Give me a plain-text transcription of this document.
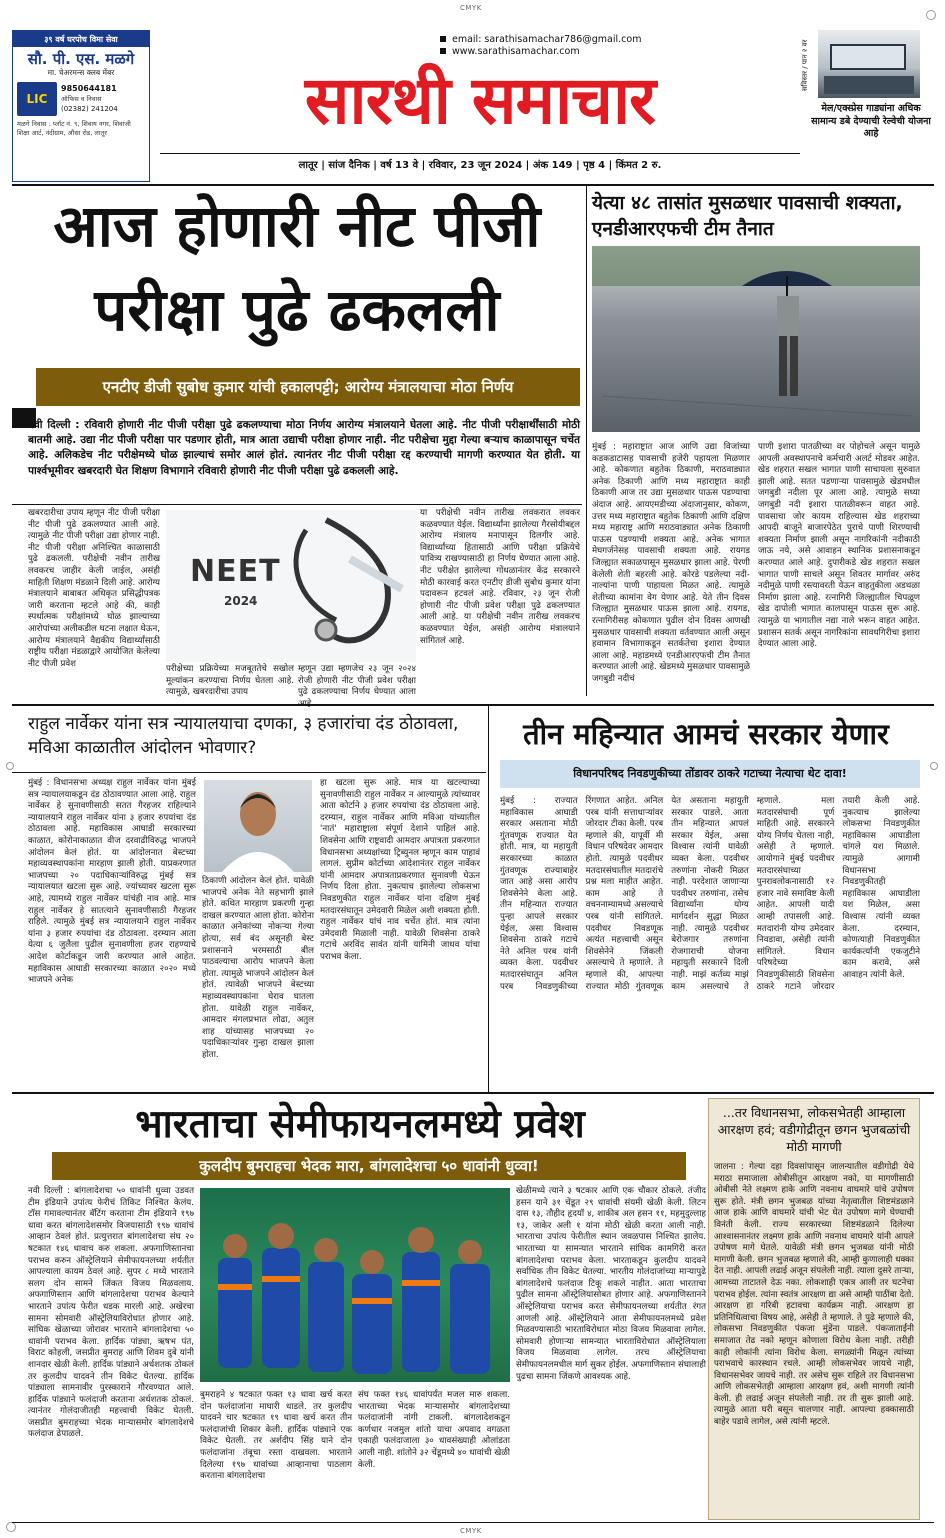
CMYK
CMYK
३९ वर्ष घरपोच विमा सेवा
सौ. पी. एस. मळगे
मा. चेअरमन्स क्लब मेंबर
LIC
9850644181
ऑफिस व निवास
(02382) 241204
मळगे निवास : प्लॉट नं. ९, शिवाय नगर, शिवाजी शिक्षा आर्ट, नंदीग्राम, औसा रोड, लातूर
email: sarathisamachar786@gmail.com
www.sarathisamachar.com
सारथी समाचार
लातूर | सांज दैनिक | वर्ष 13 वे | रविवार, 23 जून 2024 | अंक 149 | पृष्ठ 4 | किंमत 2 रु.
सविस्तर / पान २ वर
मेल/एक्स्प्रेस गाड्यांना अधिक सामान्य डबे देण्याची रेल्वेची योजना आहे
आज होणारी नीट पीजी
परीक्षा पुढे ढकलली
एनटीए डीजी सुबोध कुमार यांची हकालपट्टी; आरोग्य मंत्रालयाचा मोठा निर्णय
नवी दिल्ली : रविवारी होणारी नीट पीजी परीक्षा पुढे ढकलण्याचा मोठा निर्णय आरोग्य मंत्रालयाने घेतला आहे. नीट पीजी परीक्षार्थींसाठी मोठी बातमी आहे. उद्या नीट पीजी परीक्षा पार पडणार होती, मात्र आता उद्याची परीक्षा होणार नाही. नीट परीक्षेचा मुद्दा गेल्या बऱ्याच काळापासून चर्चेत आहे. अलिकडेच नीट परीक्षेमध्ये घोळ झाल्याचं समोर आलं होतं. त्यानंतर नीट पीजी परीक्षा रद्द करण्याची मागणी करण्यात येत होती. या पार्श्वभूमीवर खबरदारी घेत शिक्षण विभागाने रविवारी होणारी नीट पीजी परीक्षा पुढे ढकलली आहे.
खबरदारीचा उपाय म्हणून नीट पीजी परीक्षा नीट पीजी पुढे ढकलण्यात आली आहे. त्यामुळे नीट पीजी परीक्षा उद्या होणार नाही. नीट पीजी परीक्षा अनिश्चित काळासाठी पुढे ढकलली. परीक्षेची नवीन तारीख लवकरच जाहीर केली जाईल, असंही माहिती शिक्षण मंडळाने दिली आहे. आरोग्य मंत्रालयाने बाबाबत अधिकृत प्रसिद्धीपत्रक जारी करताना म्हटले आहे की, काही स्पर्धात्मक परीक्षांमध्ये घोळ झाल्याच्या आरोपांच्या अलीकडील घटना लक्षात घेऊन, आरोग्य मंत्रालयाने वैद्यकीय विद्यार्थ्यांसाठी राष्ट्रीय परीक्षा मंडळाद्वारे आयोजित केलेल्या नीट पीजी प्रवेश
NEET
2024
परीक्षेच्या प्रक्रियेच्या मजबूततेचे सखोल मूल्यांकन करण्याचा निर्णय घेतला आहे. त्यामुळे, खबरदारीचा उपाय
म्हणून उद्या म्हणजेच २३ जून २०२४ रोजी होणारी नीट पीजी प्रवेश परीक्षा पुढे ढकलण्याचा निर्णय घेण्यात आला
या परीक्षेची नवीन तारीख लवकरात लवकर कळवण्यात येईल. विद्यार्थ्यांना झालेल्या गैरसोयीबद्दल आरोग्य मंत्रालय मनापासून दिलगीर आहे. विद्यार्थ्यांच्या हितासाठी आणि परीक्षा प्रक्रियेचे पावित्र्य राखण्यासाठी हा निर्णय घेण्यात आला आहे. नीट परीक्षेत झालेल्या गोंधळानंतर केंद्र सरकारने मोठी कारवाई करत एनटीए डीजी सुबोध कुमार यांना पदावरून हटवलं आहे. रविवार, २३ जून रोजी होणारी नीट पीजी प्रवेश परीक्षा पुढे ढकलण्यात आली आहे. या परीक्षेची नवीन तारीख लवकरच कळवण्यात येईल, असंही आरोग्य मंत्रालयाने सांगितलं आहे.
येत्या ४८ तासांत मुसळधार पावसाची शक्यता, एनडीआरएफची टीम तैनात
मुंबई : महाराष्ट्रात आज आणि उद्या विजांच्या कडकडाटासह पावसाची हजेरी पहायला मिळणार आहे. कोकणात बहुतेक ठिकाणी, मराठवाड्यात अनेक ठिकाणी आणि मध्य महाराष्ट्रात काही ठिकाणी आज तर उद्या मुसळधार पाऊस पडण्याचा अंदाज आहे. आयएमडीच्या अंदाजानुसार, कोकण, उत्तर मध्य महाराष्ट्रात बहुतेक ठिकाणी आणि दक्षिण मध्य महाराष्ट्र आणि मराठवाड्यात अनेक ठिकाणी पाऊस पडण्याची शक्यता आहे. अनेक भागात मेघगर्जनेसह पावसाची शक्यता आहे. रायगड जिल्ह्यात सकाळपासून मुसळधार झाला आहे. पेरणी केलेली शेती बहरली आहे. कोरडे पडलेल्या नदी-नाल्यांना पाणी पाहायला मिळत आहे. त्यामुळे शेतीच्या कामांना वेग येणार आहे. येते तीन दिवस जिल्ह्यात मुसळधार पाऊस झाला आहे. रायगड, रत्नागिरीसह कोकणात पुढील दोन दिवस आणखी मुसळधार पावसाची शक्यता वर्तवण्यात आली असून हवामान विभागाकडून सतर्कतेचा इशारा देण्यात आला आहे. महाडमध्ये एनडीआरएफची टीम तैनात करण्यात आली आहे. खेडमध्ये मुसळधार पावसामुळे जगबुडी नदीचं
पाणी इशारा पातळीच्या वर पोहोचले असून यामुळे आपली अवस्थापनाचे कर्मचारी अलर्ट मोडवर आहेत. खेड शहरात सखल भागात पाणी साचायला सुरुवात झाली आहे. सतत पडणाऱ्या पावसामुळे खेडमधील जगबुडी नदीला पूर आला आहे. त्यामुळे सध्या जगबुडी नदी इशारा पातळीवरून वाहत आहे. पावसाचा जोर कायम राहिल्यास खेड शहराच्या आपदी बाजूने बाजारपेठेत पुराचे पाणी शिरण्याची शक्यता निर्माण झाली असून नागरिकांनी नदीकाठी जाऊ नये, असे आवाहन स्थानिक प्रशासनाकडून करण्यात आले आहे. दुपारीकडे खेड शहरात सखल भागात पाणी साचले असून शिवतर मार्गावर अरुंद नदीमुळे पाणी रस्त्यावरती येऊन वाहतुकीला अडथळा निर्माण झाला आहे. रत्नागिरी जिल्ह्यातील चिपळूण खेड दापोली भागात कालपासून पाऊस सुरू आहे. त्यामुळे या भागातील नद्या नाले भरून वाहत आहेत. प्रशासन सतर्क असून नागरिकांना सावधगिरीचा इशारा देण्यात आला आहे.
राहुल नार्वेकर यांना सत्र न्यायालयाचा दणका, ३ हजारांचा दंड ठोठावला, मविआ काळातील आंदोलन भोवणार?
मुंबई : विधानसभा अध्यक्ष राहुल नार्वेकर यांना मुंबई सत्र न्यायालयाकडून दंड ठोठावण्यात आला आहे. राहुल नार्वेकर हे सुनावणीसाठी सतत गैरहजर राहिल्याने न्यायालयाने राहुल नार्वेकर यांना ३ हजार रुपयांचा दंड ठोठावला आहे. महाविकास आघाडी सरकारच्या काळात, कोरोनाकाळात वीज दरवाढीविरुद्ध भाजपने आंदोलन केलं होतं. या आंदोलनात बेस्टच्या महाव्यवस्थापकांना मारहाण झाली होती. याप्रकरणात भाजपच्या २० पदाधिकाऱ्यांविरुद्ध मुंबई सत्र न्यायालयात खटला सुरू आहे. ज्यांच्यावर खटला सुरू आहे, त्यामध्ये राहुल नार्वेकर यांचंही नाव आहे. मात्र राहुल नार्वेकर हे सातत्याने सुनावणीसाठी गैरहजर राहिले. त्यामुळे मुंबई सत्र न्यायालयाने राहुल नार्वेकर यांना ३ हजार रुपयांचा दंड ठोठावला. दरम्यान आता येत्या ६ जुलैला पुढील सुनावणीला हजर राहण्याचे आदेश कोर्टाकडून जारी करण्यात आले आहेत. महाविकास आघाडी सरकारच्या काळात २०२० मध्ये भाजपने अनेक
ठिकाणी आंदोलन केलं होतं. यावेळी भाजपचे अनेक नेते सहभागी झाले होते. कथित मारहाण प्रकरणी गुन्हा दाखल करण्यात आला होता. कोरोना काळात अनेकांच्या नोकऱ्या गेल्या होत्या, सर्व बंद असूनही बेस्ट प्रशासनाने भरमसाठी बील पाठवल्याचा आरोप भाजपने केला होता. त्यामुळे भाजपने आंदोलन केलं होतं. त्यावेळी भाजपने बेस्टच्या महाव्यवस्थापकांना घेराव घातला होता. यावेळी राहुल नार्वेकर, आमदार मंगलप्रभात लोढा, अतुल शाह यांच्यासह भाजपच्या २० पदाधिकाऱ्यांवर गुन्हा दाखल झाला होता.
हा खटला सुरू आहे. मात्र या खटल्याच्या सुनावणीसाठी राहुल नार्वेकर न आल्यामुळे त्यांच्यावर आता कोर्टाने ३ हजार रुपयांचा दंड ठोठावला आहे. दरम्यान, राहुल नार्वेकर आणि मविआ यांच्यातील 'नातं' महाराष्ट्राला संपूर्ण देशाने पाहिलं आहे. शिवसेना आणि राष्ट्रवादी आमदार अपात्रता प्रकरणात विधानसभा अध्यक्षांच्या ट्रिब्युनल म्हणून काम पाहावं लागलं. सुप्रीम कोर्टाच्या आदेशानंतर राहुल नार्वेकर यांनी आमदार अपात्रताप्रकरणात सुनावणी घेऊन निर्णय दिला होता. नुकत्याच झालेल्या लोकसभा निवडणुकीत राहुल नार्वेकर यांना दक्षिण मुंबई मतदारसंघातून उमेदवारी मिळेल अशी शक्यता होती. राहुल नार्वेकर यांचं नाव चर्चेत होतं. मात्र त्यांना उमेदवारी मिळाली नाही. यावेळी शिवसेना ठाकरे गटाचे अरविंद सावंत यांनी यामिनी जाधव यांचा पराभव केला.
तीन महिन्यात आमचं सरकार येणार
विधानपरिषद निवडणुकीच्या तोंडावर ठाकरे गटाच्या नेत्याचा थेट दावा!
मुंबई : राज्यात महाविकास आघाडी सरकार असताना मोठी गुंतवणूक राज्यात येत होती. मात्र, या महायुती सरकारच्या काळात गुंतवणूक राज्याबाहेर जात आहे असा आरोप शिवसेनेने केला आहे. तीन महिन्यात राज्यात पुन्हा आपले सरकार येईल, असा विश्वास शिवसेना ठाकरे गटाचे नेते अनिल परब यांनी व्यक्त केला. पदवीधर मतदारसंघातून अनिल परब निवडणुकीच्या रिंगणात आहेत. अनिल परब यांनी सत्ताधाऱ्यांवर जोरदार टीका केली. परब म्हणाले की, यापूर्वी मी विधान परिषदेवर आमदार होतो. त्यामुळे पदवीधर मतदारसंघातील मतदारांचे प्रश्न मला माहीत आहेत. काम आहे ते वचननाम्यामध्ये असल्याचे परब यांनी सांगितले. पदवीधर निवडणूक अत्यंत महत्त्वाची असून शिवसेनेने जिंकली असल्याचे ते म्हणाले. ते म्हणाले की, आपल्या राज्यात मोठी गुंतवणूक येत असताना महायुती सरकार पाडले. आता तीन महिन्यात आपलं सरकार येईल, असा विश्वास त्यांनी यावेळी व्यक्त केला. पदवीधर तरुणांना नोकरी मिळत नाही. परदेशात जाणाऱ्या पदवीधर तरुणांना, तसेच विद्यार्थ्यांना योग्य मार्गदर्शन सुद्धा मिळत नाही. त्यामुळे पदवीधर बेरोजगार तरुणांना रोजगाराची योजना महायुती सरकारने दिली नाही. माझं कर्तव्य माझं काम असल्याचे ते म्हणाले. मला मतदारसंघाची पूर्ण माहिती आहे. सरकारने योग्य निर्णय घेतला नाही, असेही ते म्हणाले. आयोगाने मुंबई पदवीधर मतदारसंघाच्या पुनरावलोकनासाठी १२ हजार नावे समाविष्ट केली आहेत. आपली यादी आम्ही तपासली आहे. मतदारांनी योग्य उमेदवार निवडावा, असेही त्यांनी सांगितले. विधान परिषदेच्या निवडणुकीसाठी शिवसेना ठाकरे गटाने जोरदार तयारी केली आहे. नुकत्याच झालेल्या लोकसभा निवडणुकीत महाविकास आघाडीला चांगले यश मिळाले. त्यामुळे आगामी विधानसभा निवडणुकीतही महाविकास आघाडीला यश मिळेल, असा विश्वास त्यांनी व्यक्त केला. दरम्यान, कोणत्याही निवडणुकीत कार्यकर्त्यांनी एकजुटीने काम करावे, असे आवाहन त्यांनी केले.
भारताचा सेमीफायनलमध्ये प्रवेश
कुलदीप बुमराहचा भेदक मारा, बांगलादेशचा ५० धावांनी धुव्वा!
नवी दिल्ली : बांगलादेशचा ५० धावांनी धुव्वा उडवत टीम इंडियाने उपांत्य फेरीचं तिकिट निश्चित केलंय. टॉस गमावल्यानंतर बॅटिंग करताना टीम इंडियाने १९७ धावा करत बांगलादेशसमोर विजयासाठी १९७ धावांचं आव्हान ठेवलं होतं. प्रत्युत्तरात बांगलादेशचा संघ २० षटकात १४६ धावाच करु शकला. अफगाणिस्तानचा पराभव करुन ऑस्ट्रेलियाने सेमीफायनलच्या शर्यतीत आपल्याला कायम ठेवलं आहे. सुपर ८ मध्ये भारताने सलग दोन सामने जिंकत विजय मिळवलाय. अफगाणिस्तान आणि बांगलादेशचा पराभव केल्याने भारताने उपांत्य फेरीत धडक मारली आहे. अखेरचा सामना सोमवारी ऑस्ट्रेलियाविरोधात होणार आहे. सांघिक खेळाच्या जोरावर भारताने बांगलादेशचा ५० धावांनी पराभव केला. हार्दिक पांड्या, ऋषभ पंत, विराट कोहली, जसप्रीत बुमराह आणि शिवम दुबे यांनी शानदार खेळी केली. हार्दिक पांड्याने अर्धशतक ठोकलं तर कुलदीप यादवने तीन विकेट घेतल्या. हार्दिक पांड्याला सामनावीर पुरस्काराने गौरवण्यात आले. हार्दिक पांड्याने फलंदाजी करताना अर्धशतक ठोकलं. त्यानंतर गोलंदाजीतही महत्त्वाची विकेट घेतली. जसप्रीत बुमराहच्या भेदक माऱ्यासमोर बांगलादेशचे फलंदाज ढेपाळले.
बुमराहने ४ षटकात फक्त १३ धावा खर्च करत दोन फलंदाजांना माघारी धाडले. तर कुलदीप यादवने चार षटकात १९ धावा खर्च करत तीन फलंदाजांची शिकार केली. हार्दिक पांड्याने एक विकेट घेतली. तर अर्शदीप सिंह याने दोन फलंदाजांना तंबूचा रस्ता दाखवला. भारताने दिलेल्या १९७ धावांच्या आव्हानाचा पाठलाग करताना बांगलादेशचा
संघ फक्त १४६ धावांपर्यंत मजल मारु शकला. भारताच्या भेदक माऱ्यासमोर बांगलादेशच्या फलंदाजांनी नांगी टाकली. बांगलादेशकडून कर्णधार नजमुल शांतो याचा अपवाद वगळता एकाही फलंदाजाला ३० धावसंख्याही ओलांडता आली नाही. शांतोने ३२ चेंडूमध्ये ४० धावांची खेळी केली.
खेळीमध्ये त्याने ३ षटकार आणि एक चौकार ठोकले. तंजीद हसन याने ३१ चेंडूत २९ धावांची संयमी खेळी केली. लिटन दास १३, तौहीद हृदयॉ ४, शाकीब अल हसन ११, महमुदुल्लाह १३, जाकेर अली १ यांना मोठी खेळी करता आली नाही. भारताचा उपांत्य फेरीतील स्थान जवळपास निश्चित झालेय. भारताच्या या सामन्यात भारताने सांघिक कामगिरी करत बांगलादेशचा पराभव केला. भारताकडून कुलदीप यादवने सर्वाधिक तीन विकेट घेतल्या. भारतीय गोलंदाजांच्या माऱ्यापुढे बांगलादेशचे फलंदाज टिकू शकले नाहीत. आता भारताचा पुढील सामना ऑस्ट्रेलियासोबत होणार आहे. अफगाणिस्तानने ऑस्ट्रेलियाचा पराभव करत सेमीफायनलच्या शर्यतीत रंगत आणली आहे. ऑस्ट्रेलियाने आता सेमीफायनलमध्ये प्रवेश मिळवण्यासाठी भारताविरोधात मोठा विजय मिळवावा लागेल. सोमवारी होणाऱ्या सामन्यात भारताविरोधात ऑस्ट्रेलियाला विजय मिळवावा लागेल. तरच ऑस्ट्रेलियाचा सेमीफायनलमधील मार्ग सुकर होईल. अफगाणिस्तान संघालाही पुढचा सामना जिंकणे आवश्यक आहे.
...तर विधानसभा, लोकसभेतही आम्हाला आरक्षण हवं; वडीगोद्रीतून छगन भुजबळांची मोठी मागणी
जालना : गेल्या दहा दिवसांपासून जालन्यातील वडीगोद्री येथे मराठा समाजाला ओबीसीतून आरक्षण नको, या मागणीसाठी ओबीसी नेते लक्ष्मण हाके आणि नवनाथ वाघमारे यांचे उपोषण सुरू होते. मंत्री छगन भुजबळ यांच्या नेतृत्वातील शिष्टमंडळाने आज हाके आणि वाघमारे यांची भेट घेत उपोषण मागे घेण्याची विनंती केली. राज्य सरकारच्या शिष्टमंडळाने दिलेल्या आश्वासनानंतर लक्ष्मण हाके आणि नवनाथ वाघमारे यांनी आपले उपोषण मागे घेतले. यावेळी मंत्री छगन भुजबळ यांनी मोठी मागणी केली. छगन भुजबळ म्हणाले की, आम्ही कुणालाही धक्का देत नाही. आपली लढाई अजून संपलेली नाही. त्याला दुसरे तार्‍या, आमच्या ताटातले देऊ नका. लोकशाही एकत्र आली तर घटनेचा पराभव होईल. त्यांना स्वतंत्र आरक्षण द्या असे आम्ही पाठींबा देतो. आरक्षण हा गरिबी हटावचा कार्यक्रम नाही. आरक्षण हा प्रतिनिधित्वाचा विषय आहे, असेही ते म्हणाले. ते पुढे म्हणाले की, लोकसभा निवडणुकीत पंकजा मुंडेंना पाडले. पंकजाताईंनी समाजात तेढ नको म्हणून कोणाला विरोध केला नाही. तरीही काही लोकांनी त्यांना विरोध केला. सगळ्यांनी मिळून त्यांच्या पराभवाचे कारस्थान रचले. आम्ही लोकसभेवर जायचे नाही, विधानसभेवर जायचे नाही. तर असेच सुरू राहिले तर विधानसभा आणि लोकसभेतही आम्हाला आरक्षण हवं, अशी मागणी त्यांनी केली. ही लढाई अजून संपलेली नाही. तर ती सुरू झाली आहे. त्यामुळे आता घरी बसून चालणार नाही. आपल्या हक्कासाठी बाहेर पडावे लागेल, असे त्यांनी म्हटले.
